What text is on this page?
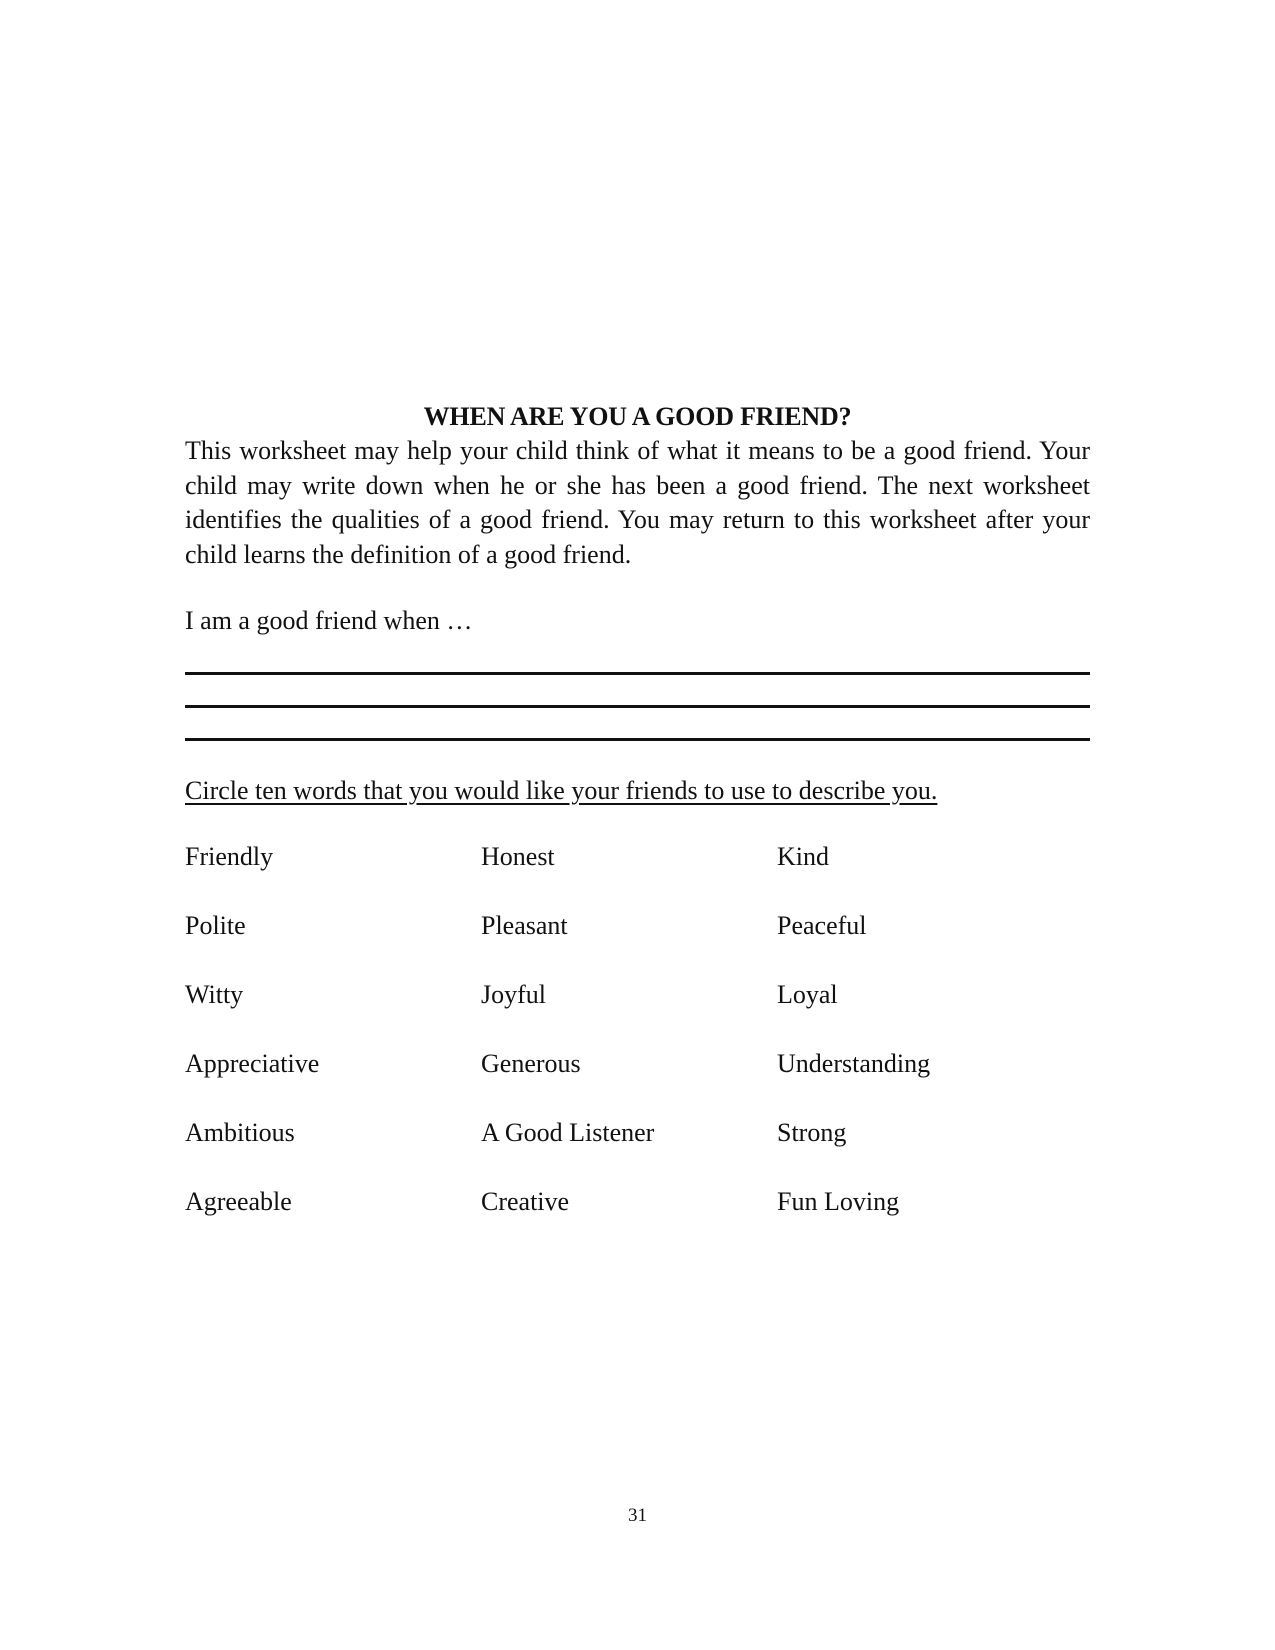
WHEN ARE YOU A GOOD FRIEND?
This worksheet may help your child think of what it means to be a good friend. Your child may write down when he or she has been a good friend. The next worksheet identifies the qualities of a good friend. You may return to this worksheet after your child learns the definition of a good friend.
I am a good friend when …
Circle ten words that you would like your friends to use to describe you.
Friendly	Honest	Kind
Polite	Pleasant	Peaceful
Witty	Joyful	Loyal
Appreciative	Generous	Understanding
Ambitious	A Good Listener	Strong
Agreeable	Creative	Fun Loving
31
